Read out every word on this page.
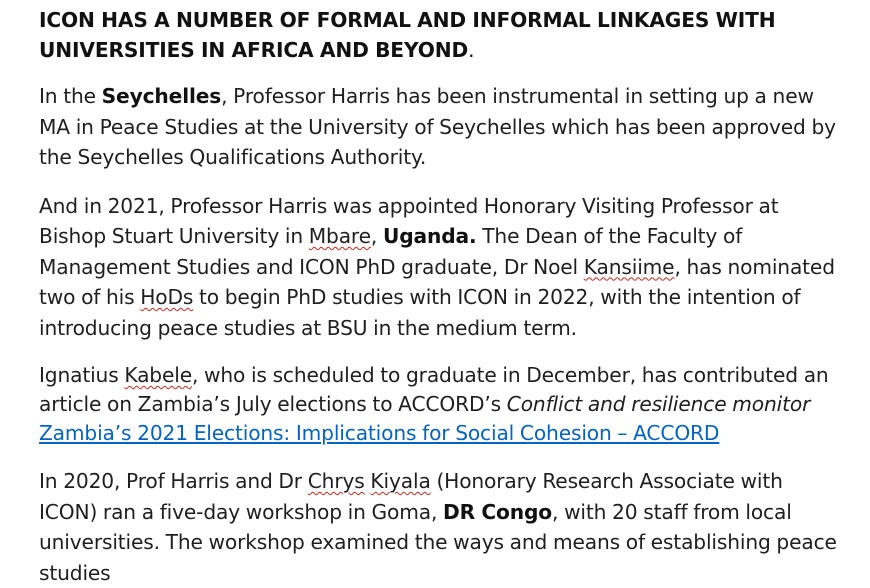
ICON HAS A NUMBER OF FORMAL AND INFORMAL LINKAGES WITH
UNIVERSITIES IN AFRICA AND BEYOND.
In the Seychelles, Professor Harris has been instrumental in setting up a new MA in Peace Studies at the University of Seychelles which has been approved by the Seychelles Qualifications Authority.
And in 2021, Professor Harris was appointed Honorary Visiting Professor at Bishop Stuart University in Mbare, Uganda. The Dean of the Faculty of Management Studies and ICON PhD graduate, Dr Noel Kansiime, has nominated two of his HoDs to begin PhD studies with ICON in 2022, with the intention of introducing peace studies at BSU in the medium term.
Ignatius Kabele, who is scheduled to graduate in December, has contributed an article on Zambia’s July elections to ACCORD’s Conflict and resilience monitor
Zambia’s 2021 Elections: Implications for Social Cohesion – ACCORD
In 2020, Prof Harris and Dr Chrys Kiyala (Honorary Research Associate with ICON) ran a five-day workshop in Goma, DR Congo, with 20 staff from local universities. The workshop examined the ways and means of establishing peace studies
